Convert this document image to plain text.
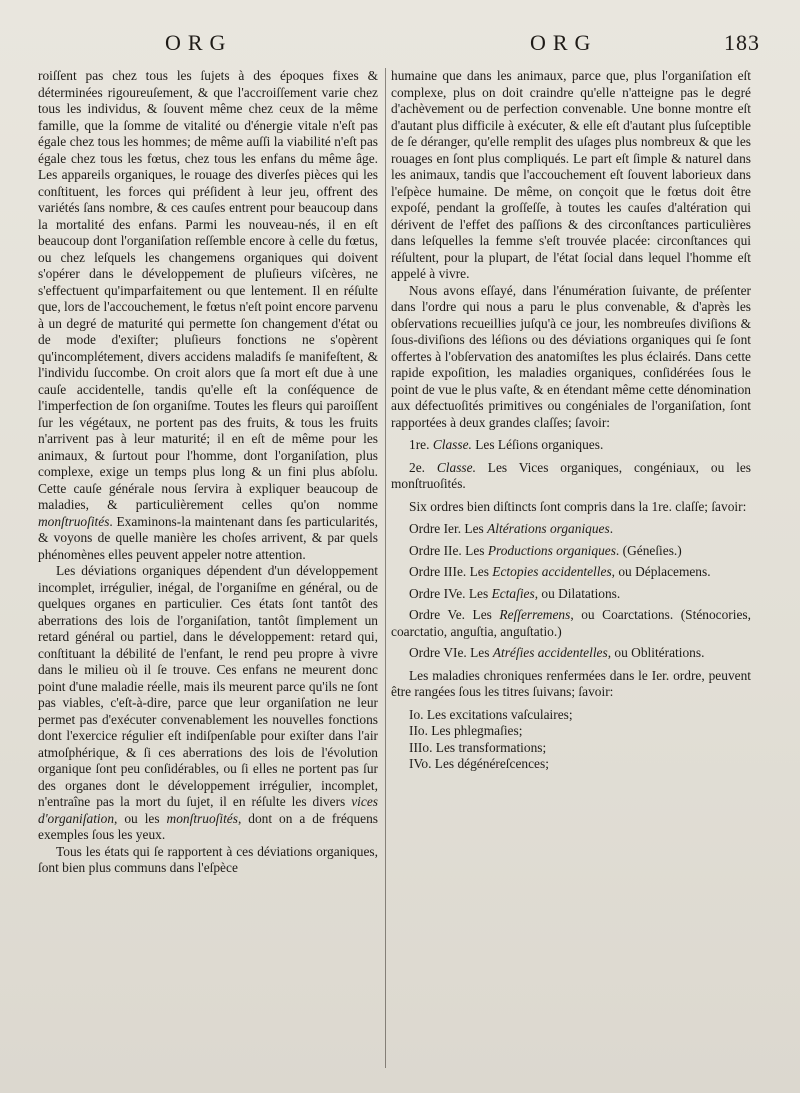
ORG	ORG	183

roiſſent pas chez tous les ſujets à des époques fixes & déterminées rigoureuſement, & que l'accroiſſement varie chez tous les individus, & ſouvent même chez ceux de la même famille, que la ſomme de vitalité ou d'énergie vitale n'eſt pas égale chez tous les hommes; de même auſſi la viabilité n'eſt pas égale chez tous les fœtus, chez tous les enfans du même âge. Les appareils organiques, le rouage des diverſes pièces qui les conſtituent, les forces qui préſident à leur jeu, offrent des variétés ſans nombre, & ces cauſes entrent pour beaucoup dans la mortalité des enfans. Parmi les nouveau-nés, il en eſt beaucoup dont l'organiſation reſſemble encore à celle du fœtus, ou chez leſquels les changemens organiques qui doivent s'opérer dans le développement de pluſieurs viſcères, ne s'effectuent qu'imparfaitement ou que lentement. Il en réſulte que, lors de l'accouchement, le fœtus n'eſt point encore parvenu à un degré de maturité qui permette ſon changement d'état ou de mode d'exiſter; pluſieurs fonctions ne s'opèrent qu'incomplétement, divers accidens maladifs ſe manifeſtent, & l'individu ſuccombe. On croit alors que ſa mort eſt due à une cauſe accidentelle, tandis qu'elle eſt la conſéquence de l'imperfection de ſon organiſme. Toutes les fleurs qui paroiſſent ſur les végétaux, ne portent pas des fruits, & tous les fruits n'arrivent pas à leur maturité; il en eſt de même pour les animaux, & ſurtout pour l'homme, dont l'organiſation, plus complexe, exige un temps plus long & un fini plus abſolu. Cette cauſe générale nous ſervira à expliquer beaucoup de maladies, & particulièrement celles qu'on nomme monſtruoſités. Examinons-la maintenant dans ſes particularités, & voyons de quelle manière les choſes arrivent, & par quels phénomènes elles peuvent appeler notre attention.

Les déviations organiques dépendent d'un développement incomplet, irrégulier, inégal, de l'organiſme en général, ou de quelques organes en particulier. Ces états ſont tantôt des aberrations des lois de l'organiſation, tantôt ſimplement un retard général ou partiel, dans le développement: retard qui, conſtituant la débilité de l'enfant, le rend peu propre à vivre dans le milieu où il ſe trouve. Ces enfans ne meurent donc point d'une maladie réelle, mais ils meurent parce qu'ils ne ſont pas viables, c'eſt-à-dire, parce que leur organiſation ne leur permet pas d'exécuter convenablement les nouvelles fonctions dont l'exercice régulier eſt indiſpenſable pour exiſter dans l'air atmoſphérique, & ſi ces aberrations des lois de l'évolution organique ſont peu conſidérables, ou ſi elles ne portent pas ſur des organes dont le développement irrégulier, incomplet, n'entraîne pas la mort du ſujet, il en réſulte les divers vices d'organiſation, ou les monſtruoſités, dont on a de fréquens exemples ſous les yeux.

Tous les états qui ſe rapportent à ces déviations organiques, ſont bien plus communs dans l'eſpèce

humaine que dans les animaux, parce que, plus l'organiſation eſt complexe, plus on doit craindre qu'elle n'atteigne pas le degré d'achèvement ou de perfection convenable. Une bonne montre eſt d'autant plus difficile à exécuter, & elle eſt d'autant plus ſuſceptible de ſe déranger, qu'elle remplit des uſages plus nombreux & que les rouages en ſont plus compliqués. Le part eſt ſimple & naturel dans les animaux, tandis que l'accouchement eſt ſouvent laborieux dans l'eſpèce humaine. De même, on conçoit que le fœtus doit être expoſé, pendant la groſſeſſe, à toutes les cauſes d'altération qui dérivent de l'effet des paſſions & des circonſtances particulières dans leſquelles la femme s'eſt trouvée placée: circonſtances qui réſultent, pour la plupart, de l'état ſocial dans lequel l'homme eſt appelé à vivre.

Nous avons eſſayé, dans l'énumération ſuivante, de préſenter dans l'ordre qui nous a paru le plus convenable, & d'après les obſervations recueillies juſqu'à ce jour, les nombreuſes diviſions & ſous-diviſions des léſions ou des déviations organiques qui ſe ſont offertes à l'obſervation des anatomiſtes les plus éclairés. Dans cette rapide expoſition, les maladies organiques, conſidérées ſous le point de vue le plus vaſte, & en étendant même cette dénomination aux défectuoſités primitives ou congéniales de l'organiſation, ſont rapportées à deux grandes claſſes; ſavoir:

1re. Classe. Les Léſions organiques.

2e. Classe. Les Vices organiques, congéniaux, ou les monſtruoſités.

Six ordres bien diſtincts ſont compris dans la 1re. claſſe; ſavoir:

Ordre Ier. Les Altérations organiques.

Ordre IIe. Les Productions organiques. (Géneſies.)

Ordre IIIe. Les Ectopies accidentelles, ou Déplacemens.

Ordre IVe. Les Ectaſies, ou Dilatations.

Ordre Ve. Les Reſſerremens, ou Coarctations. (Sténocories, coarctatio, anguſtia, anguſtatio.)

Ordre VIe. Les Atréſies accidentelles, ou Oblitérations.

Les maladies chroniques renfermées dans le Ier. ordre, peuvent être rangées ſous les titres ſuivans; ſavoir:

Io. Les excitations vaſculaires;

IIo. Les phlegmaſies;

IIIo. Les transformations;

IVo. Les dégénéreſcences;
